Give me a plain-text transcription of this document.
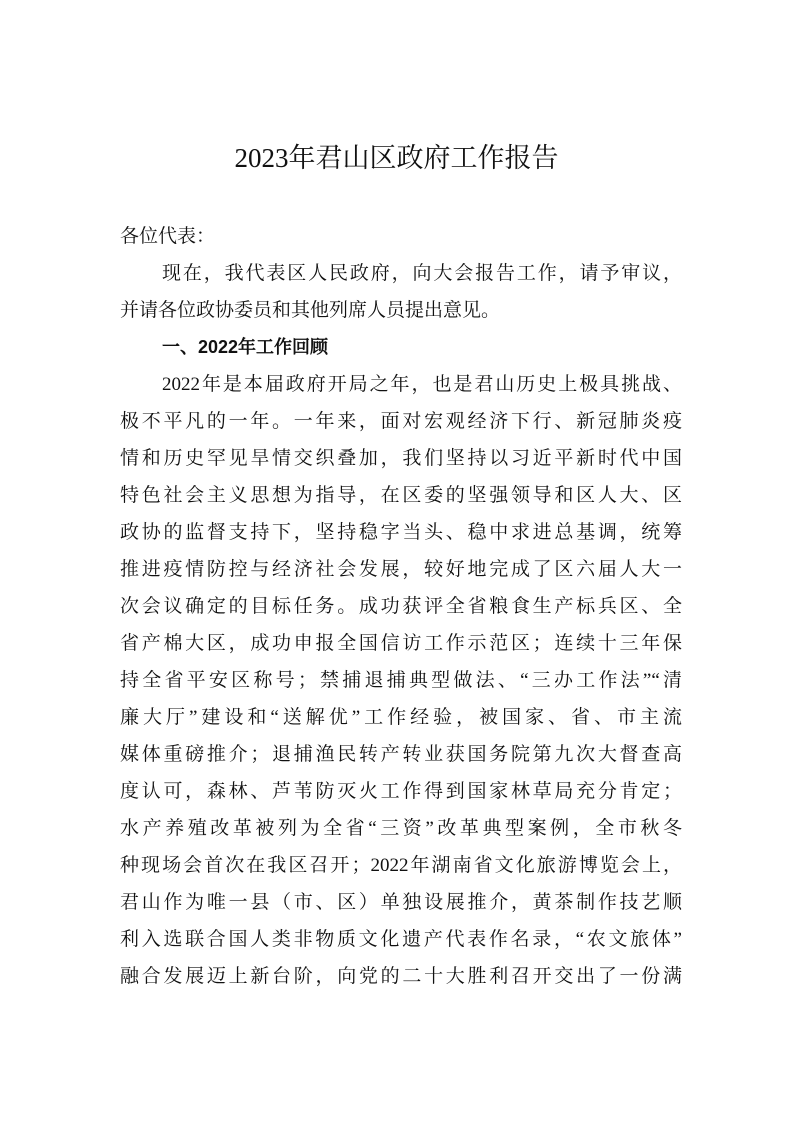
2023年君山区政府工作报告
各位代表：
现在，我代表区人民政府，向大会报告工作，请予审议，
并请各位政协委员和其他列席人员提出意见。
一、2022年工作回顾
2022年是本届政府开局之年，也是君山历史上极具挑战、
极不平凡的一年。一年来，面对宏观经济下行、新冠肺炎疫
情和历史罕见旱情交织叠加，我们坚持以习近平新时代中国
特色社会主义思想为指导，在区委的坚强领导和区人大、区
政协的监督支持下，坚持稳字当头、稳中求进总基调，统筹
推进疫情防控与经济社会发展，较好地完成了区六届人大一
次会议确定的目标任务。成功获评全省粮食生产标兵区、全
省产棉大区，成功申报全国信访工作示范区；连续十三年保
持全省平安区称号；禁捕退捕典型做法、“三办工作法”“清
廉大厅”建设和“送解优”工作经验，被国家、省、市主流
媒体重磅推介；退捕渔民转产转业获国务院第九次大督查高
度认可，森林、芦苇防灭火工作得到国家林草局充分肯定；
水产养殖改革被列为全省“三资”改革典型案例，全市秋冬
种现场会首次在我区召开；2022年湖南省文化旅游博览会上，
君山作为唯一县（市、区）单独设展推介，黄茶制作技艺顺
利入选联合国人类非物质文化遗产代表作名录，“农文旅体”
融合发展迈上新台阶，向党的二十大胜利召开交出了一份满
